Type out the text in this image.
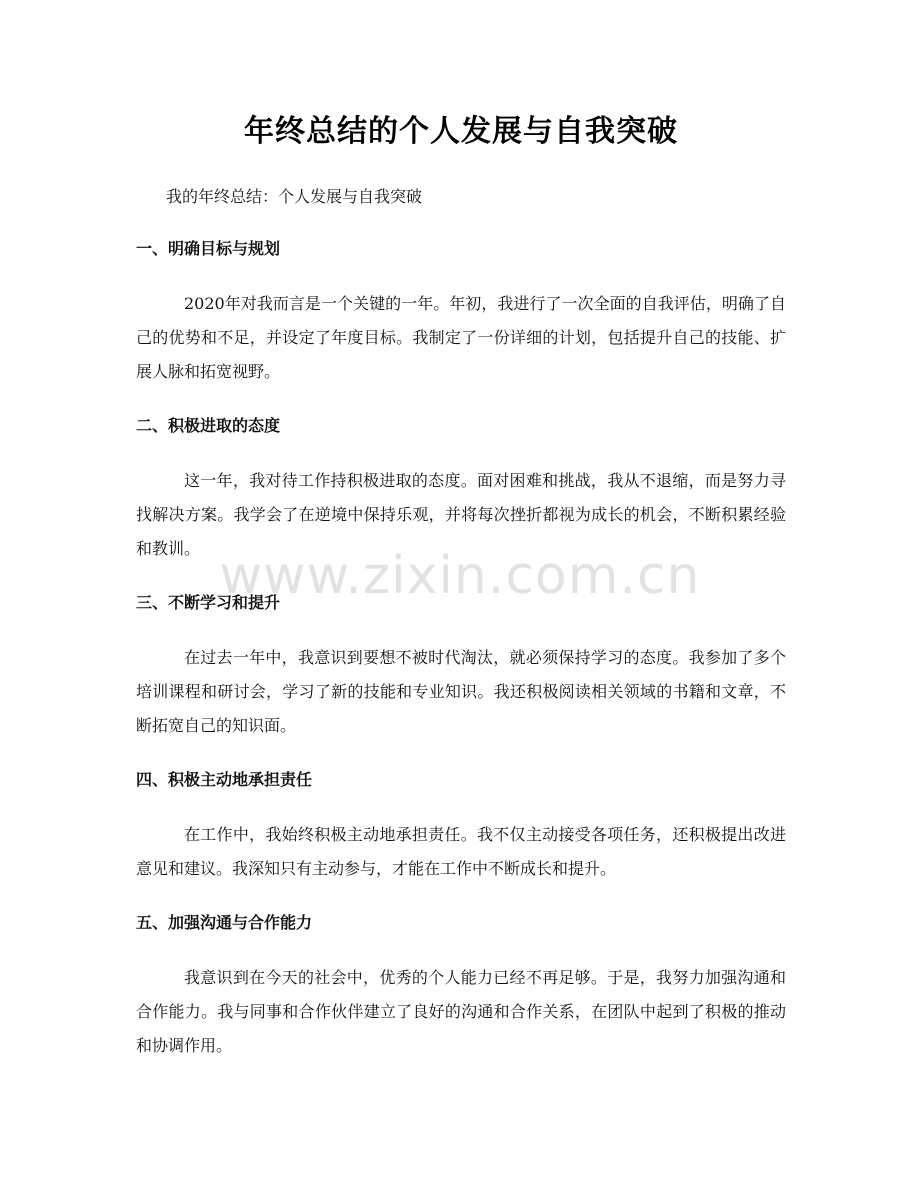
年终总结的个人发展与自我突破

我的年终总结：个人发展与自我突破

一、明确目标与规划

2020年对我而言是一个关键的一年。年初，我进行了一次全面的自我评估，明确了自己的优势和不足，并设定了年度目标。我制定了一份详细的计划，包括提升自己的技能、扩展人脉和拓宽视野。

二、积极进取的态度

这一年，我对待工作持积极进取的态度。面对困难和挑战，我从不退缩，而是努力寻找解决方案。我学会了在逆境中保持乐观，并将每次挫折都视为成长的机会，不断积累经验和教训。

三、不断学习和提升

在过去一年中，我意识到要想不被时代淘汰，就必须保持学习的态度。我参加了多个培训课程和研讨会，学习了新的技能和专业知识。我还积极阅读相关领域的书籍和文章，不断拓宽自己的知识面。

四、积极主动地承担责任

在工作中，我始终积极主动地承担责任。我不仅主动接受各项任务，还积极提出改进意见和建议。我深知只有主动参与，才能在工作中不断成长和提升。

五、加强沟通与合作能力

我意识到在今天的社会中，优秀的个人能力已经不再足够。于是，我努力加强沟通和合作能力。我与同事和合作伙伴建立了良好的沟通和合作关系，在团队中起到了积极的推动和协调作用。

www.zixin.com.cn
